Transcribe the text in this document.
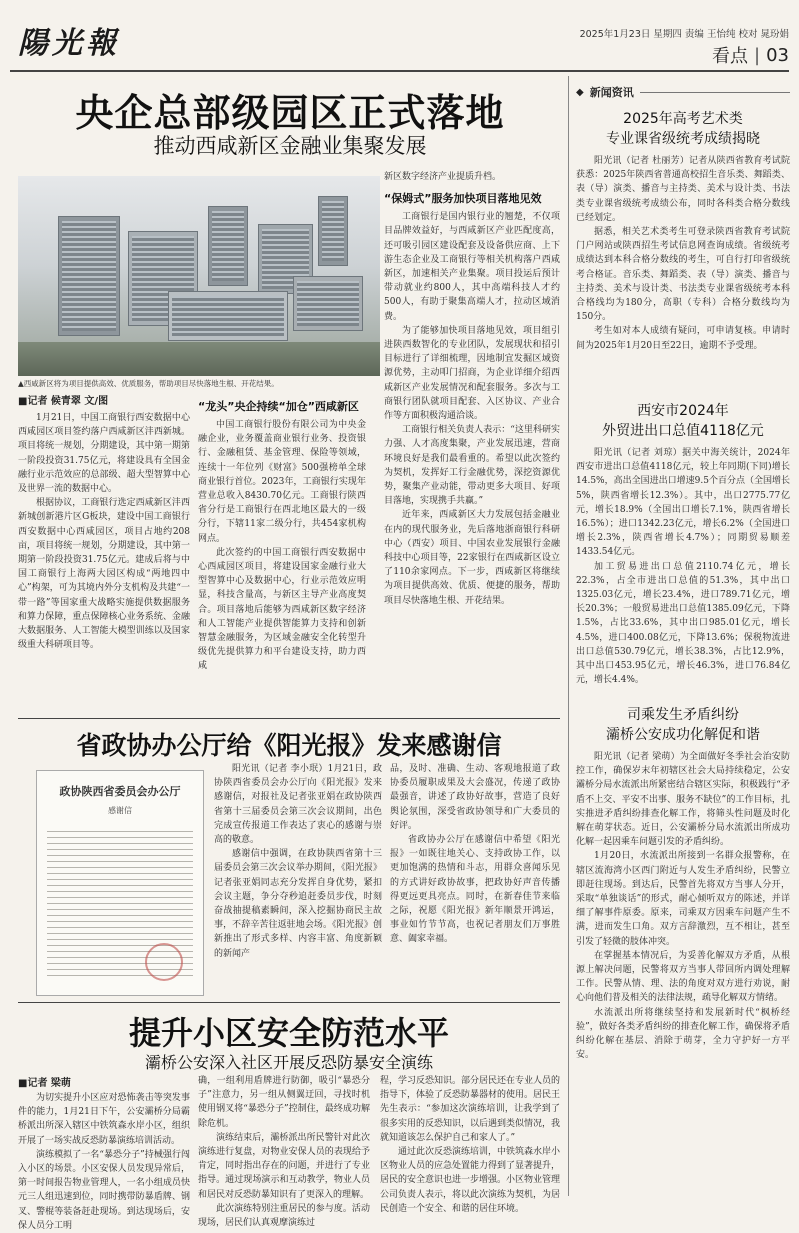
陽光報	2025年1月23日 星期四 责编 王怡纯 校对 晁玢娟
看点 | 03
央企总部级园区正式落地
推动西咸新区金融业集聚发展
▲西咸新区将为项目提供高效、优质服务，帮助项目尽快落地生根、开花结果。
■记者 候青翠 文/图

1月21日，中国工商银行西安数据中心西咸园区项目签约落户西咸新区沣西新城。项目将统一规划，分期建设，其中第一期第一阶段投资31.75亿元，将建设具有全国金融行业示范效应的总部级、超大型智算中心及世界一流的数据中心。

根据协议，工商银行选定西咸新区沣西新城创新港片区G板块，建设中国工商银行西安数据中心西咸园区，项目占地约208亩，项目将统一规划，分期建设，其中第一期第一阶段投资31.75亿元。建成后将与中国工商银行上海两大园区构成“两地四中心”构架，可为其境内外分支机构及共建“一带一路”等国家重大战略实施提供数据服务和算力保障，重点保障核心业务系统、金融大数据服务、人工智能大模型训练以及国家级重大科研项目等。

“龙头”央企持续“加仓”西咸新区

中国工商银行股份有限公司为中央金融企业，业务覆盖商业银行业务、投资银行、金融租赁、基金管理、保险等领域，连续十一年位列《财富》500强榜单全球商业银行首位。2023年，工商银行实现年营业总收入8430.70亿元。工商银行陕西省分行是工商银行在西北地区最大的一级分行，下辖11家二级分行，共454家机构网点。

此次签约的中国工商银行西安数据中心西咸园区项目，将建设国家金融行业大型智算中心及数据中心，行业示范效应明显，科技含量高，与新区主导产业高度契合。项目落地后能够为西咸新区数字经济和人工智能产业提供智能算力支持和创新智慧金融服务，为区域金融安全化转型升级优先提供算力和平台建设支持，助力西咸

新区数字经济产业提质升档。

“保姆式”服务加快项目落地见效

工商银行是国内银行业的翘楚，不仅项目品牌效益好，与西咸新区产业匹配度高，还可吸引园区建设配套及设备供应商、上下游生态企业及工商银行等相关机构落户西咸新区，加速相关产业集聚。项目投运后预计带动就业约800人，其中高端科技人才约500人，有助于聚集高端人才，拉动区域消费。

为了能够加快项目落地见效，项目组引进陕西数智化的专业团队，发展现状和招引目标进行了详细梳理，因地制宜发掘区域资源优势，主动叩门招商，为企业详细介绍西咸新区产业发展情况和配套服务。多次与工商银行团队就项目配套、入区协议、产业合作等方面积极沟通洽谈。

工商银行相关负责人表示：“这里科研实力强、人才高度集聚，产业发展迅速，营商环境良好是我们最看重的。希望以此次签约为契机，发挥好工行金融优势，深挖资源优势，聚集产业动能，带动更多大项目、好项目落地，实现携手共赢。”

近年来，西咸新区大力发展包括金融业在内的现代服务业，先后落地浙商银行科研中心（西安）项目、中国农业发展银行金融科技中心项目等，22家银行在西咸新区设立了110余家网点。下一步，西咸新区将继续为项目提供高效、优质、便捷的服务，帮助项目尽快落地生根、开花结果。

省政协办公厅给《阳光报》发来感谢信
政协陕西省委员会办公厅
感谢信

阳光讯（记者 李小珉）1月21日，政协陕西省委员会办公厅向《阳光报》发来感谢信，对报社及记者张亚娟在政协陕西省第十三届委员会第三次会议期间，出色完成宣传报道工作表达了衷心的感谢与崇高的敬意。

感谢信中强调，在政协陕西省第十三届委员会第三次会议举办期间，《阳光报》记者张亚娟同志充分发挥自身优势，紧扣会议主题，争分夺秒追赶委员步伐，时刻奋战抽提稿素瞬间，深入挖掘协商民主故事，不辞辛苦往返驻地会场。《阳光报》创新推出了形式多样、内容丰富、角度新颖的新闻产

品，及时、准确、生动、客观地报道了政协委员履职成果及大会盛况，传递了政协最强音，讲述了政协好故事，营造了良好舆论氛围，深受省政协领导和广大委员的好评。

省政协办公厅在感谢信中希望《阳光报》一如既往地关心、支持政协工作，以更加饱满的热情和斗志，用群众喜闻乐见的方式讲好政协故事，把政协好声音传播得更远更具亮点。同时，在新春佳节来临之际，祝愿《阳光报》新年顺景开鸿运，事业如竹节节高，也祝记者朋友们万事胜意、阖家幸福。

提升小区安全防范水平
灞桥公安深入社区开展反恐防暴安全演练
■记者 梁萌

为切实提升小区应对恐怖袭击等突发事件的能力，1月21日下午，公安灞桥分局霸桥派出所深入辖区中铁筑森水岸小区，组织开展了一场实战反恐防暴演练培训活动。

演练模拟了一名“暴恐分子”持械强行闯入小区的场景。小区安保人员发现异常后，第一时间报告物业管理人，一名小组成员快元三人组迅速到位，同时携带防暴盾牌、钢叉、警棍等装备赶赴现场。到达现场后，安保人员分工明

确，一组利用盾牌进行防御，吸引“暴恐分子”注意力，另一组从侧翼迂回，寻找时机使用钢叉将“暴恐分子”控制住，最终成功解除危机。

演练结束后，灞桥派出所民警针对此次演练进行复盘，对物业安保人员的表现给予肯定，同时指出存在的问题，并进行了专业指导。通过现场演示和互动教学，物业人员和居民对反恐防暴知识有了更深入的理解。

此次演练特别注重居民的参与度。活动现场，居民们认真观摩演练过

程，学习反恐知识。部分居民还在专业人员的指导下，体验了反恐防暴器材的使用。居民王先生表示：“参加这次演练培训，让我学到了很多实用的反恐知识，以后遇到类似情况，我就知道该怎么保护自己和家人了。”

通过此次反恐演练培训，中铁筑森水岸小区物业人员的应急处置能力得到了显著提升，居民的安全意识也进一步增强。小区物业管理公司负责人表示，将以此次演练为契机，为居民创造一个安全、和谐的居住环境。

◆ 新闻资讯
2025年高考艺术类
专业课省级统考成绩揭晓

阳光讯（记者 杜丽芳）记者从陕西省教育考试院获悉：2025年陕西省普通高校招生音乐类、舞蹈类、表（导）演类、播音与主持类、美术与设计类、书法类专业课省级统考成绩公布，同时各科类合格分数线已经划定。

据悉，相关艺术类考生可登录陕西省教育考试院门户网站或陕西招生考试信息网查询成绩。省级统考成绩达到本科合格分数线的考生，可自行打印省级统考合格证。音乐类、舞蹈类、表（导）演类、播音与主持类、美术与设计类、书法类专业课省级统考本科合格线均为180分，高职（专科）合格分数线均为150分。

考生如对本人成绩有疑问，可申请复核。申请时间为2025年1月20日至22日，逾期不予受理。

西安市2024年
外贸进出口总值4118亿元

阳光讯（记者 刘琼）据关中海关统计，2024年西安市进出口总值4118亿元，较上年同期(下同)增长14.5%，高出全国进出口增速9.5个百分点（全国增长5%，陕西省增长12.3%）。其中，出口2775.77亿元，增长18.9%（全国出口增长7.1%，陕西省增长16.5%）；进口1342.23亿元，增长6.2%（全国进口增长2.3%，陕西省增长4.7%）；同期贸易顺差1433.54亿元。

加工贸易进出口总值2110.74亿元，增长22.3%，占全市进出口总值的51.3%，其中出口1325.03亿元，增长23.4%，进口789.71亿元，增长20.3%；一般贸易进出口总值1385.09亿元，下降1.5%，占比33.6%，其中出口985.01亿元，增长4.5%，进口400.08亿元，下降13.6%；保税物流进出口总值530.79亿元，增长38.3%，占比12.9%，其中出口453.95亿元，增长46.3%，进口76.84亿元，增长4.4%。

司乘发生矛盾纠纷
灞桥公安成功化解促和谐

阳光讯（记者 梁萌）为全面做好冬季社会治安防控工作，确保岁末年初辖区社会大局持续稳定，公安灞桥分局水流派出所紧密结合辖区实际，积极践行“矛盾不上交、平安不出事、服务不缺位”的工作目标，扎实推进矛盾纠纷排查化解工作，将筛头性问题及时化解在萌芽状态。近日，公安灞桥分局水流派出所成功化解一起因乘车问题引发的矛盾纠纷。

1月20日，水流派出所接到一名群众报警称，在辖区流海湾小区西门附近与人发生矛盾纠纷，民警立即赶往现场。到达后，民警首先将双方当事人分开，采取“单独谈话”的形式，耐心倾听双方的陈述，并详细了解事件原委。原来，司乘双方因乘车问题产生不满，进而发生口角。双方言辞激烈，互不相让，甚至引发了轻微的肢体冲突。

在掌握基本情况后，为妥善化解双方矛盾，从根源上解决问题，民警将双方当事人带回所内调处理解工作。民警从情、理、法的角度对双方进行劝说，耐心向他们普及相关的法律法规，疏导化解双方情绪。

水流派出所将继续坚持和发展新时代“枫桥经验”，做好各类矛盾纠纷的排查化解工作，确保将矛盾纠纷化解在基层、消除于萌芽，全力守护好一方平安。
